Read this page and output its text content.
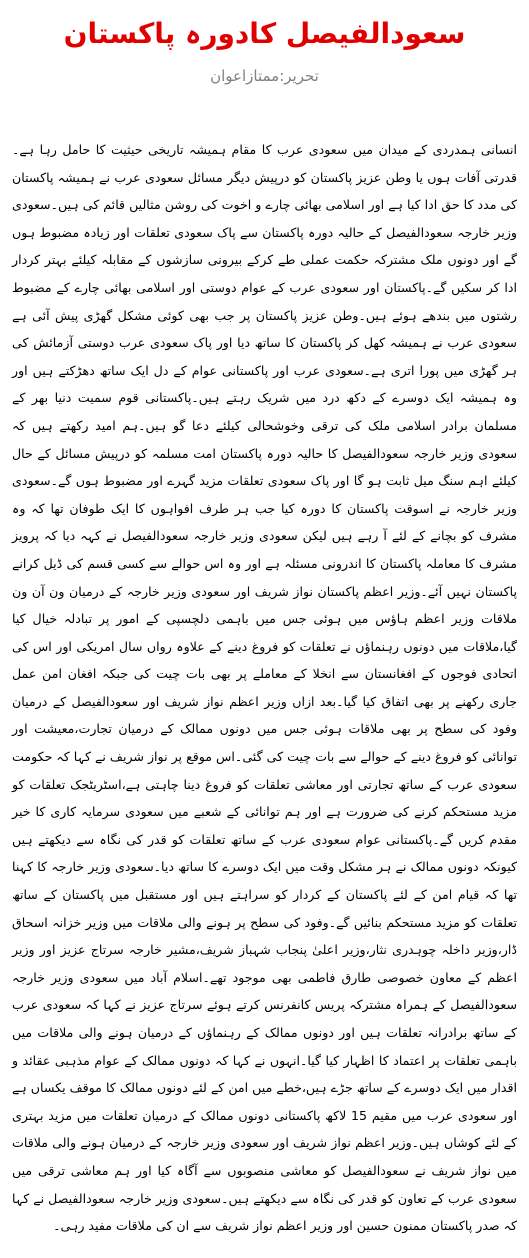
سعودالفیصل کادورہ پاکستان
تحریر:ممتازاعوان

انسانی ہمدردی کے میدان میں سعودی عرب کا مقام ہمیشہ تاریخی حیثیت کا حامل رہا ہے۔قدرتی آفات ہوں یا وطن عزیز پاکستان کو درپیش دیگر مسائل سعودی عرب نے ہمیشہ پاکستان کی مدد کا حق ادا کیا ہے اور اسلامی بھائی چارے و اخوت کی روشن مثالیں قائم کی ہیں۔سعودی وزیر خارجہ سعودالفیصل کے حالیہ دورہ پاکستان سے پاک سعودی تعلقات اور زیادہ مضبوط ہوں گے اور دونوں ملک مشترکہ حکمت عملی طے کرکے بیرونی سازشوں کے مقابلہ کیلئے بہتر کردار ادا کر سکیں گے۔پاکستان اور سعودی عرب کے عوام دوستی اور اسلامی بھائی چارے کے مضبوط رشتوں میں بندھے ہوئے ہیں۔وطن عزیز پاکستان پر جب بھی کوئی مشکل گھڑی پیش آئی ہے سعودی عرب نے ہمیشہ کھل کر پاکستان کا ساتھ دیا اور پاک سعودی عرب دوستی آزمائش کی ہر گھڑی میں پورا اتری ہے۔سعودی عرب اور پاکستانی عوام کے دل ایک ساتھ دھڑکتے ہیں اور وہ ہمیشہ ایک دوسرے کے دکھ درد میں شریک رہتے ہیں۔پاکستانی قوم سمیت دنیا بھر کے مسلمان برادر اسلامی ملک کی ترقی وخوشحالی کیلئے دعا گو ہیں۔ہم امید رکھتے ہیں کہ سعودی وزیر خارجہ سعودالفیصل کا حالیہ دورہ پاکستان امت مسلمہ کو درپیش مسائل کے حال کیلئے اہم سنگ میل ثابت ہو گا اور پاک سعودی تعلقات مزید گہرے اور مضبوط ہوں گے۔سعودی وزیر خارجہ نے اسوقت پاکستان کا دورہ کیا جب ہر طرف افواہوں کا ایک طوفان تھا کہ وہ مشرف کو بچانے کے لئے آ رہے ہیں لیکن سعودی وزیر خارجہ سعودالفیصل نے کہہ دیا کہ پرویز مشرف کا معاملہ پاکستان کا اندرونی مسئلہ ہے اور وہ اس حوالے سے کسی قسم کی ڈیل کرانے پاکستان نہیں آئے۔وزیر اعظم پاکستان نواز شریف اور سعودی وزیر خارجہ کے درمیان ون آن ون ملاقات وزیر اعظم ہاؤس میں ہوئی جس میں باہمی دلچسپی کے امور پر تبادلہ خیال کیا گیا،ملاقات میں دونوں رہنماؤں نے تعلقات کو فروغ دینے کے علاوہ رواں سال امریکی اور اس کی اتحادی فوجوں کے افغانستان سے انخلا کے معاملے پر بھی بات چیت کی جبکہ افغان امن عمل جاری رکھنے پر بھی اتفاق کیا گیا۔بعد ازاں وزیر اعظم نواز شریف اور سعودالفیصل کے درمیان وفود کی سطح پر بھی ملاقات ہوئی جس میں دونوں ممالک کے درمیان تجارت،معیشت اور توانائی کو فروغ دینے کے حوالے سے بات چیت کی گئی۔اس موقع پر نواز شریف نے کہا کہ حکومت سعودی عرب کے ساتھ تجارتی اور معاشی تعلقات کو فروغ دینا چاہتی ہے،اسٹریٹجک تعلقات کو مزید مستحکم کرنے کی ضرورت ہے اور ہم توانائی کے شعبے میں سعودی سرمایہ کاری کا خیر مقدم کریں گے۔پاکستانی عوام سعودی عرب کے ساتھ تعلقات کو قدر کی نگاہ سے دیکھتے ہیں کیونکہ دونوں ممالک نے ہر مشکل وقت میں ایک دوسرے کا ساتھ دیا۔سعودی وزیر خارجہ کا کہنا تھا کہ قیام امن کے لئے پاکستان کے کردار کو سراہتے ہیں اور مستقبل میں پاکستان کے ساتھ تعلقات کو مزید مستحکم بنائیں گے۔وفود کی سطح پر ہونے والی ملاقات میں وزیر خزانہ اسحاق ڈار،وزیر داخلہ چوہدری نثار،وزیر اعلیٰ پنجاب شہباز شریف،مشیر خارجہ سرتاج عزیز اور وزیر اعظم کے معاون خصوصی طارق فاطمی بھی موجود تھے۔اسلام آباد میں سعودی وزیر خارجہ سعودالفیصل کے ہمراہ مشترکہ پریس کانفرنس کرتے ہوئے سرتاج عزیز نے کہا کہ سعودی عرب کے ساتھ برادرانہ تعلقات ہیں اور دونوں ممالک کے رہنماؤں کے درمیان ہونے والی ملاقات میں باہمی تعلقات پر اعتماد کا اظہار کیا گیا۔انہوں نے کہا کہ دونوں ممالک کے عوام مذہبی عقائد و اقدار میں ایک دوسرے کے ساتھ جڑے ہیں،خطے میں امن کے لئے دونوں ممالک کا موقف یکساں ہے اور سعودی عرب میں مقیم 15 لاکھ پاکستانی دونوں ممالک کے درمیان تعلقات میں مزید بہتری کے لئے کوشاں ہیں۔وزیر اعظم نواز شریف اور سعودی وزیر خارجہ کے درمیان ہونے والی ملاقات میں نواز شریف نے سعودالفیصل کو معاشی منصوبوں سے آگاہ کیا اور ہم معاشی ترقی میں سعودی عرب کے تعاون کو قدر کی نگاہ سے دیکھتے ہیں۔سعودی وزیر خارجہ سعودالفیصل نے کہا کہ صدر پاکستان ممنون حسین اور وزیر اعظم نواز شریف سے ان کی ملاقات مفید رہی۔
